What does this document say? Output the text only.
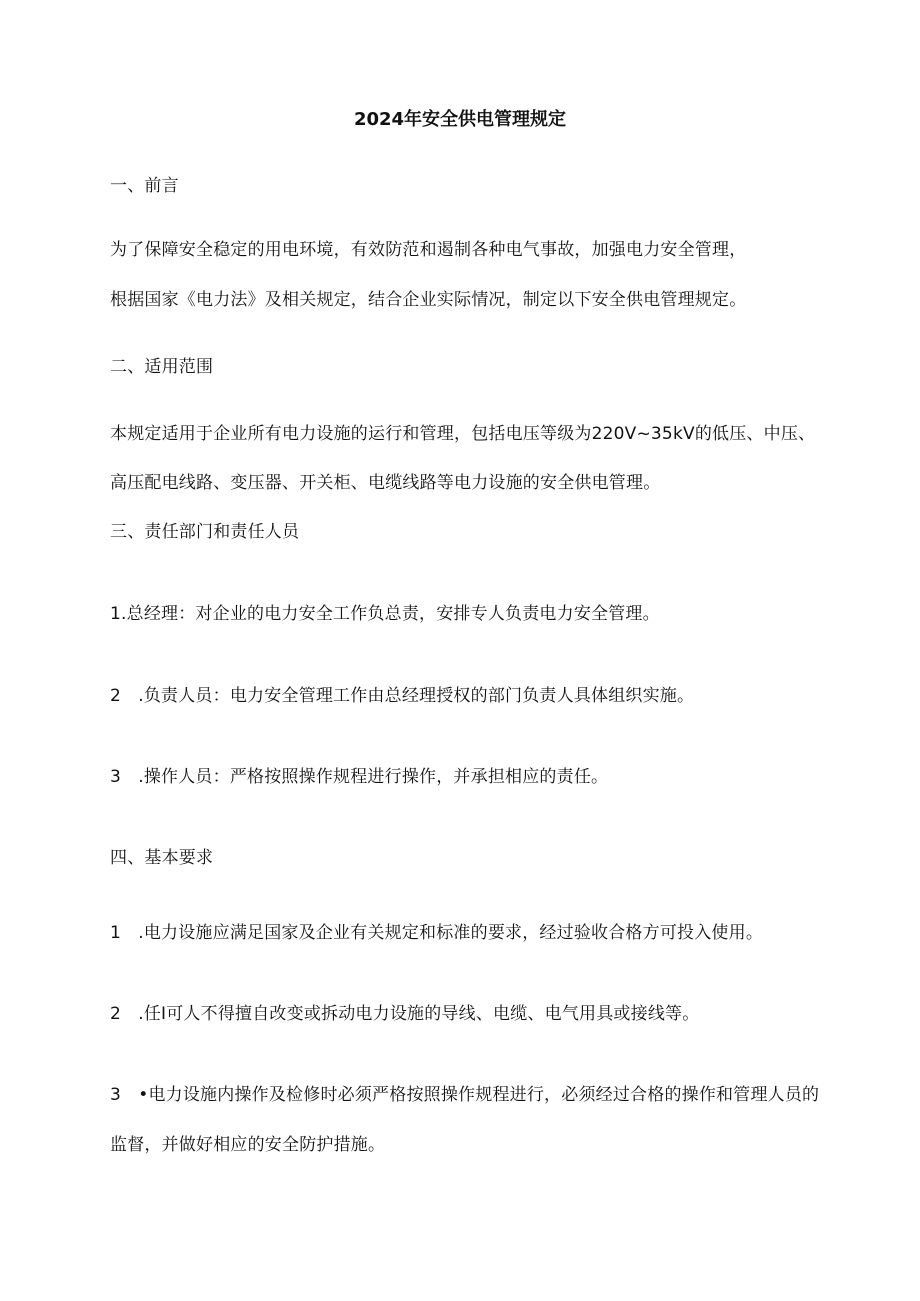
2024年安全供电管理规定
一、前言
为了保障安全稳定的用电环境，有效防范和遏制各种电气事故，加强电力安全管理，
根据国家《电力法》及相关规定，结合企业实际情况，制定以下安全供电管理规定。
二、适用范围
本规定适用于企业所有电力设施的运行和管理，包括电压等级为220V~35kV的低压、中压、
高压配电线路、变压器、开关柜、电缆线路等电力设施的安全供电管理。
三、责任部门和责任人员
1.总经理：对企业的电力安全工作负总责，安排专人负责电力安全管理。
2　.负责人员：电力安全管理工作由总经理授权的部门负责人具体组织实施。
3　.操作人员：严格按照操作规程进行操作，并承担相应的责任。
四、基本要求
1　.电力设施应满足国家及企业有关规定和标准的要求，经过验收合格方可投入使用。
2　.任I可人不得擅自改变或拆动电力设施的导线、电缆、电气用具或接线等。
3　•电力设施内操作及检修时必须严格按照操作规程进行，必须经过合格的操作和管理人员的
监督，并做好相应的安全防护措施。
